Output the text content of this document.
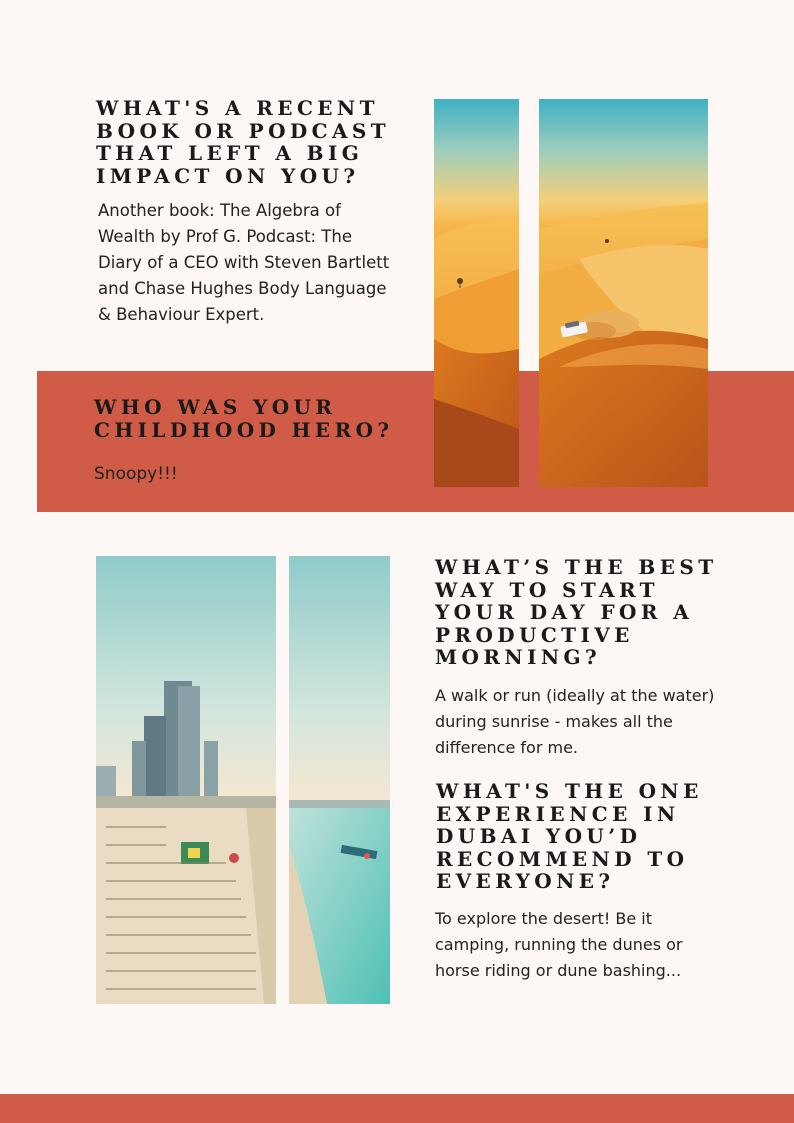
WHAT'S A RECENT BOOK OR PODCAST THAT LEFT A BIG IMPACT ON YOU?

Another book: The Algebra of Wealth by Prof G. Podcast: The Diary of a CEO with Steven Bartlett and Chase Hughes Body Language & Behaviour Expert.

WHO WAS YOUR CHILDHOOD HERO?

Snoopy!!!

WHAT’S THE BEST WAY TO START YOUR DAY FOR A PRODUCTIVE MORNING?

A walk or run (ideally at the water) during sunrise - makes all the difference for me.

WHAT'S THE ONE EXPERIENCE IN DUBAI YOU’D RECOMMEND TO EVERYONE?

To explore the desert! Be it camping, running the dunes or horse riding or dune bashing...
